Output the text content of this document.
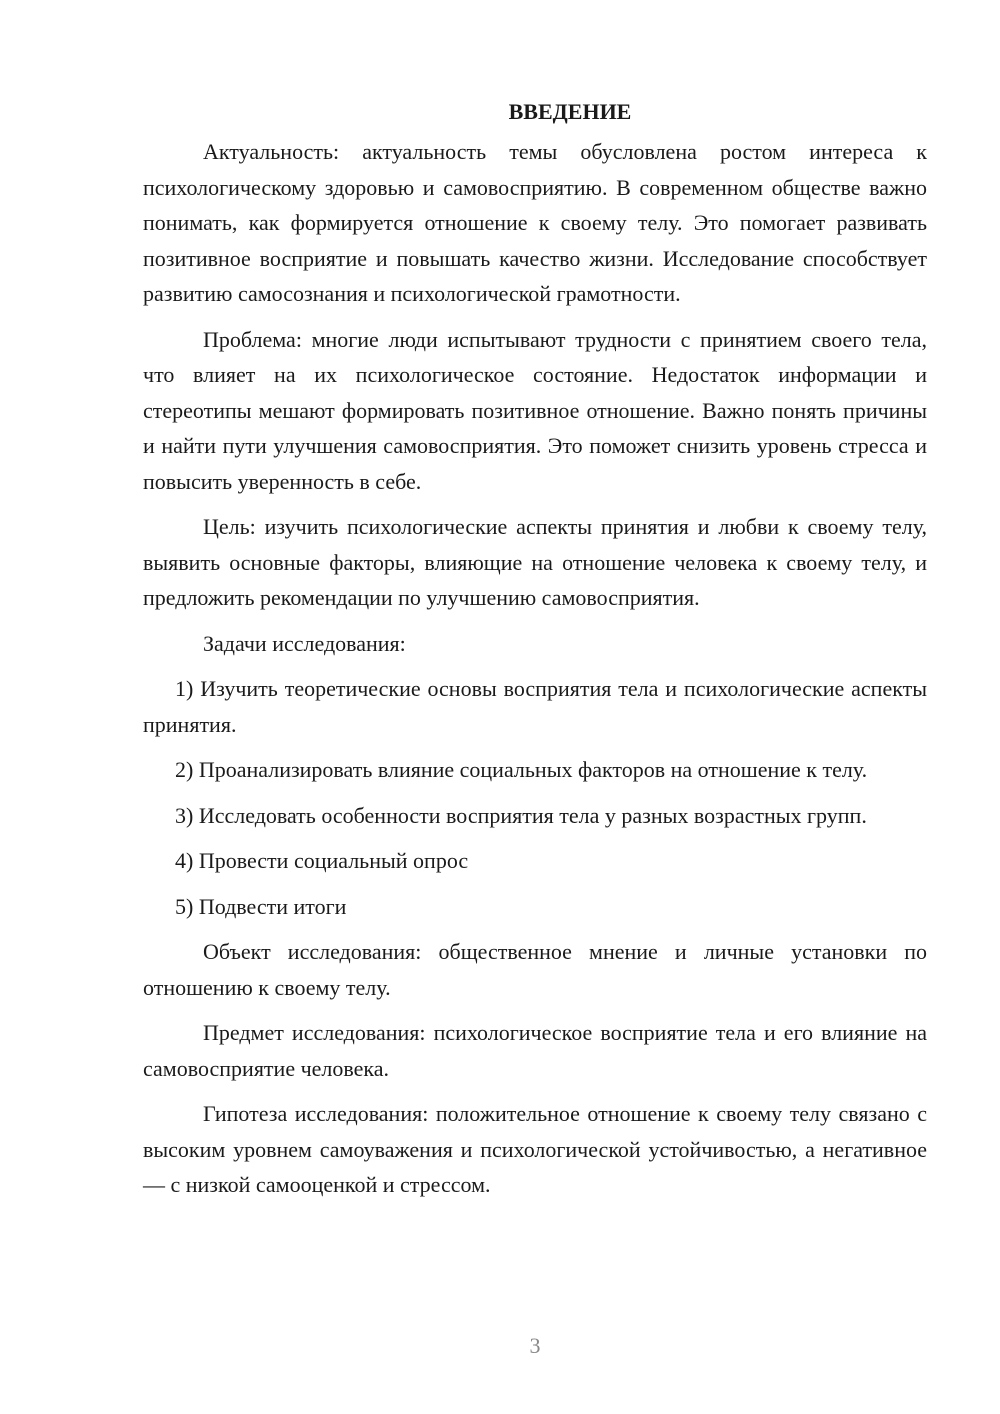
ВВЕДЕНИЕ

Актуальность: актуальность темы обусловлена ростом интереса к психологическому здоровью и самовосприятию. В современном обществе важно понимать, как формируется отношение к своему телу. Это помогает развивать позитивное восприятие и повышать качество жизни. Исследование способствует развитию самосознания и психологической грамотности.

Проблема: многие люди испытывают трудности с принятием своего тела, что влияет на их психологическое состояние. Недостаток информации и стереотипы мешают формировать позитивное отношение. Важно понять причины и найти пути улучшения самовосприятия. Это поможет снизить уровень стресса и повысить уверенность в себе.

Цель: изучить психологические аспекты принятия и любви к своему телу, выявить основные факторы, влияющие на отношение человека к своему телу, и предложить рекомендации по улучшению самовосприятия.

Задачи исследования:

1) Изучить теоретические основы восприятия тела и психологические аспекты принятия.

2) Проанализировать влияние социальных факторов на отношение к телу.

3) Исследовать особенности восприятия тела у разных возрастных групп.

4) Провести социальный опрос

5) Подвести итоги

Объект исследования: общественное мнение и личные установки по отношению к своему телу.

Предмет исследования: психологическое восприятие тела и его влияние на самовосприятие человека.

Гипотеза исследования: положительное отношение к своему телу связано с высоким уровнем самоуважения и психологической устойчивостью, а негативное — с низкой самооценкой и стрессом.

3
